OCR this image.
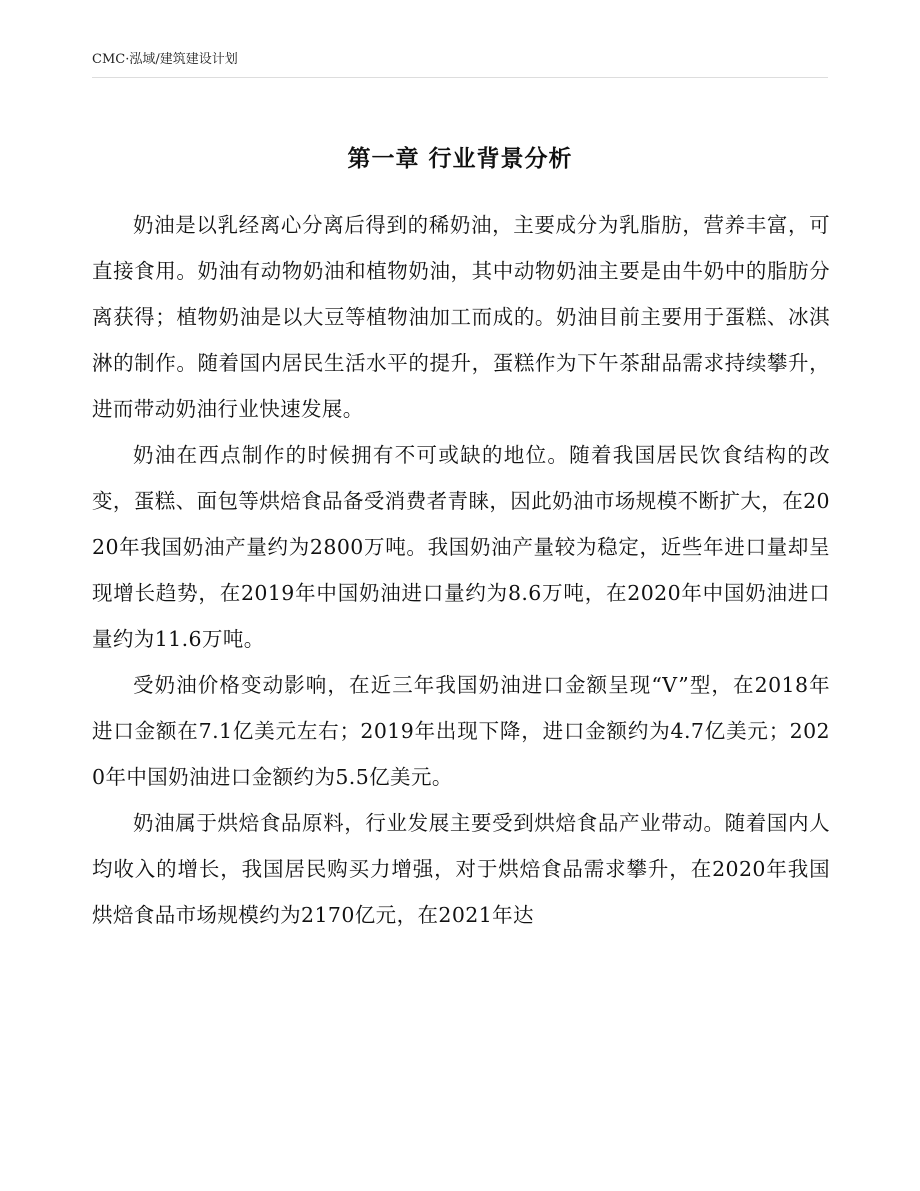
CMC·泓域/建筑建设计划
第一章 行业背景分析

奶油是以乳经离心分离后得到的稀奶油，主要成分为乳脂肪，营养丰富，可直接食用。奶油有动物奶油和植物奶油，其中动物奶油主要是由牛奶中的脂肪分离获得；植物奶油是以大豆等植物油加工而成的。奶油目前主要用于蛋糕、冰淇淋的制作。随着国内居民生活水平的提升，蛋糕作为下午茶甜品需求持续攀升，进而带动奶油行业快速发展。

奶油在西点制作的时候拥有不可或缺的地位。随着我国居民饮食结构的改变，蛋糕、面包等烘焙食品备受消费者青睐，因此奶油市场规模不断扩大，在2020年我国奶油产量约为2800万吨。我国奶油产量较为稳定，近些年进口量却呈现增长趋势，在2019年中国奶油进口量约为8.6万吨，在2020年中国奶油进口量约为11.6万吨。

受奶油价格变动影响，在近三年我国奶油进口金额呈现“V”型，在2018年进口金额在7.1亿美元左右；2019年出现下降，进口金额约为4.7亿美元；2020年中国奶油进口金额约为5.5亿美元。

奶油属于烘焙食品原料，行业发展主要受到烘焙食品产业带动。随着国内人均收入的增长，我国居民购买力增强，对于烘焙食品需求攀升，在2020年我国烘焙食品市场规模约为2170亿元，在2021年达
